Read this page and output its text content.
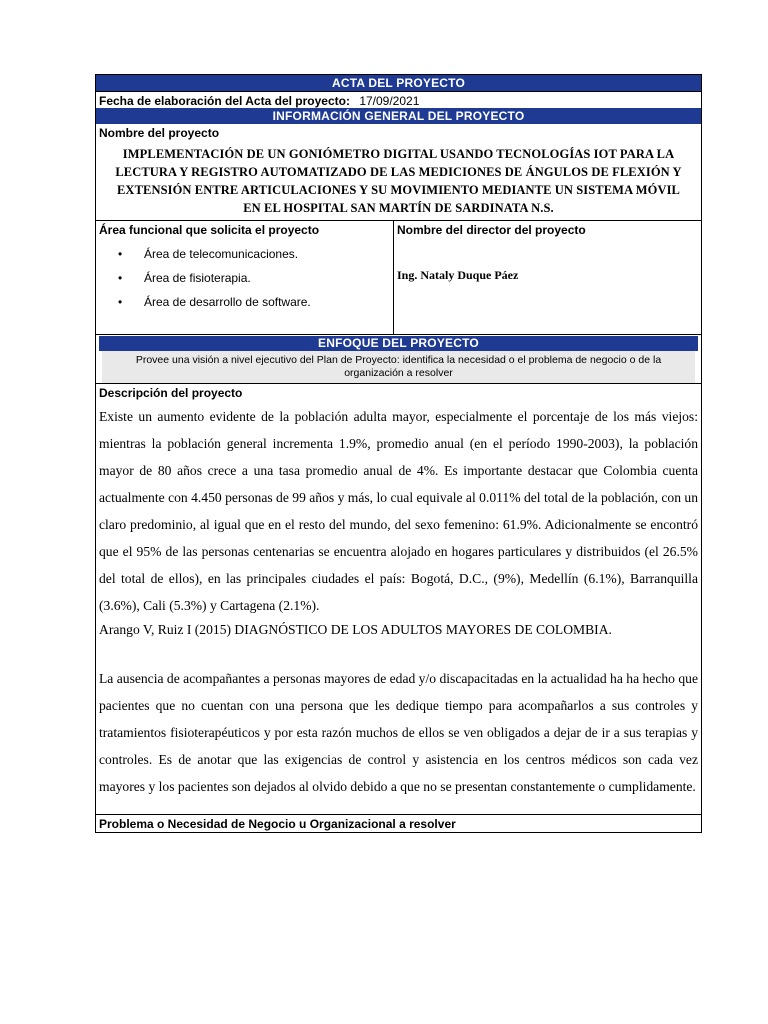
ACTA DEL PROYECTO
Fecha de elaboración del Acta del proyecto: 17/09/2021
INFORMACIÓN GENERAL DEL PROYECTO
Nombre del proyecto
IMPLEMENTACIÓN DE UN GONIÓMETRO DIGITAL USANDO TECNOLOGÍAS IOT PARA LA LECTURA Y REGISTRO AUTOMATIZADO DE LAS MEDICIONES DE ÁNGULOS DE FLEXIÓN Y EXTENSIÓN ENTRE ARTICULACIONES Y SU MOVIMIENTO MEDIANTE UN SISTEMA MÓVIL EN EL HOSPITAL SAN MARTÍN DE SARDINATA N.S.
Área funcional que solicita el proyecto
• Área de telecomunicaciones.
• Área de fisioterapia.
• Área de desarrollo de software.
Nombre del director del proyecto
Ing. Nataly Duque Páez
ENFOQUE DEL PROYECTO
Provee una visión a nivel ejecutivo del Plan de Proyecto: identifica la necesidad o el problema de negocio o de la organización a resolver
Descripción del proyecto

Existe un aumento evidente de la población adulta mayor, especialmente el porcentaje de los más viejos: mientras la población general incrementa 1.9%, promedio anual (en el período 1990-2003), la población mayor de 80 años crece a una tasa promedio anual de 4%. Es importante destacar que Colombia cuenta actualmente con 4.450 personas de 99 años y más, lo cual equivale al 0.011% del total de la población, con un claro predominio, al igual que en el resto del mundo, del sexo femenino: 61.9%. Adicionalmente se encontró que el 95% de las personas centenarias se encuentra alojado en hogares particulares y distribuidos (el 26.5% del total de ellos), en las principales ciudades el país: Bogotá, D.C., (9%), Medellín (6.1%), Barranquilla (3.6%), Cali (5.3%) y Cartagena (2.1%).

Arango V, Ruiz I (2015) DIAGNÓSTICO DE LOS ADULTOS MAYORES DE COLOMBIA.

La ausencia de acompañantes a personas mayores de edad y/o discapacitadas en la actualidad ha ha hecho que pacientes que no cuentan con una persona que les dedique tiempo para acompañarlos a sus controles y tratamientos fisioterapéuticos y por esta razón muchos de ellos se ven obligados a dejar de ir a sus terapias y controles. Es de anotar que las exigencias de control y asistencia en los centros médicos son cada vez mayores y los pacientes son dejados al olvido debido a que no se presentan constantemente o cumplidamente.

Problema o Necesidad de Negocio u Organizacional a resolver
